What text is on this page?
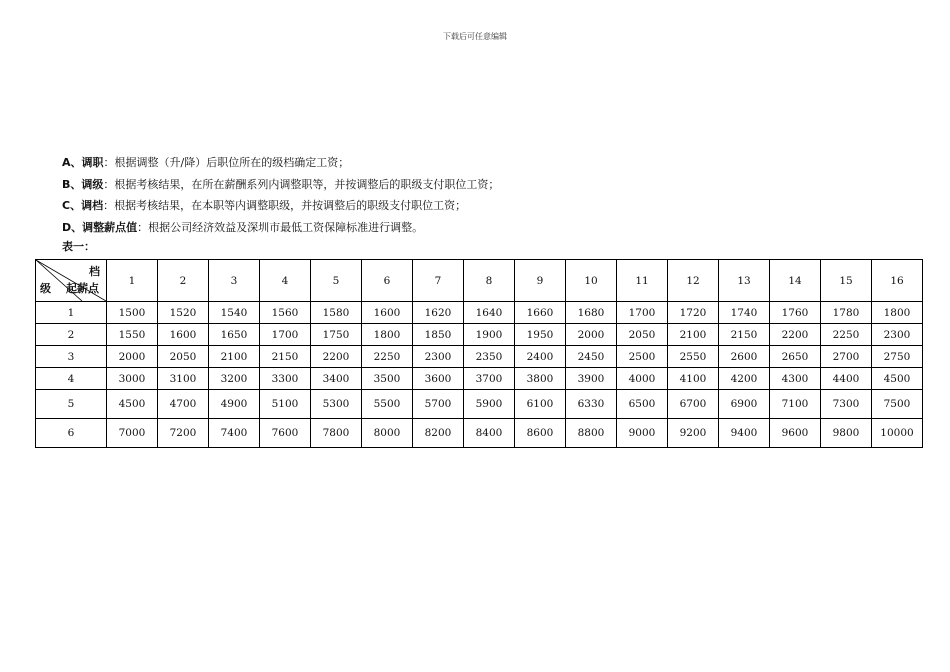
下载后可任意编辑
A、调职：根据调整（升/降）后职位所在的级档确定工资；
B、调级：根据考核结果，在所在薪酬系列内调整职等，并按调整后的职级支付职位工资；
C、调档：根据考核结果，在本职等内调整职级，并按调整后的职级支付职位工资；
D、调整薪点值：根据公司经济效益及深圳市最低工资保障标准进行调整。
表一：
档
级 起薪点	1	2	3	4	5	6	7	8	9	10	11	12	13	14	15	16
1	1500	1520	1540	1560	1580	1600	1620	1640	1660	1680	1700	1720	1740	1760	1780	1800
2	1550	1600	1650	1700	1750	1800	1850	1900	1950	2000	2050	2100	2150	2200	2250	2300
3	2000	2050	2100	2150	2200	2250	2300	2350	2400	2450	2500	2550	2600	2650	2700	2750
4	3000	3100	3200	3300	3400	3500	3600	3700	3800	3900	4000	4100	4200	4300	4400	4500
5	4500	4700	4900	5100	5300	5500	5700	5900	6100	6330	6500	6700	6900	7100	7300	7500
6	7000	7200	7400	7600	7800	8000	8200	8400	8600	8800	9000	9200	9400	9600	9800	10000
